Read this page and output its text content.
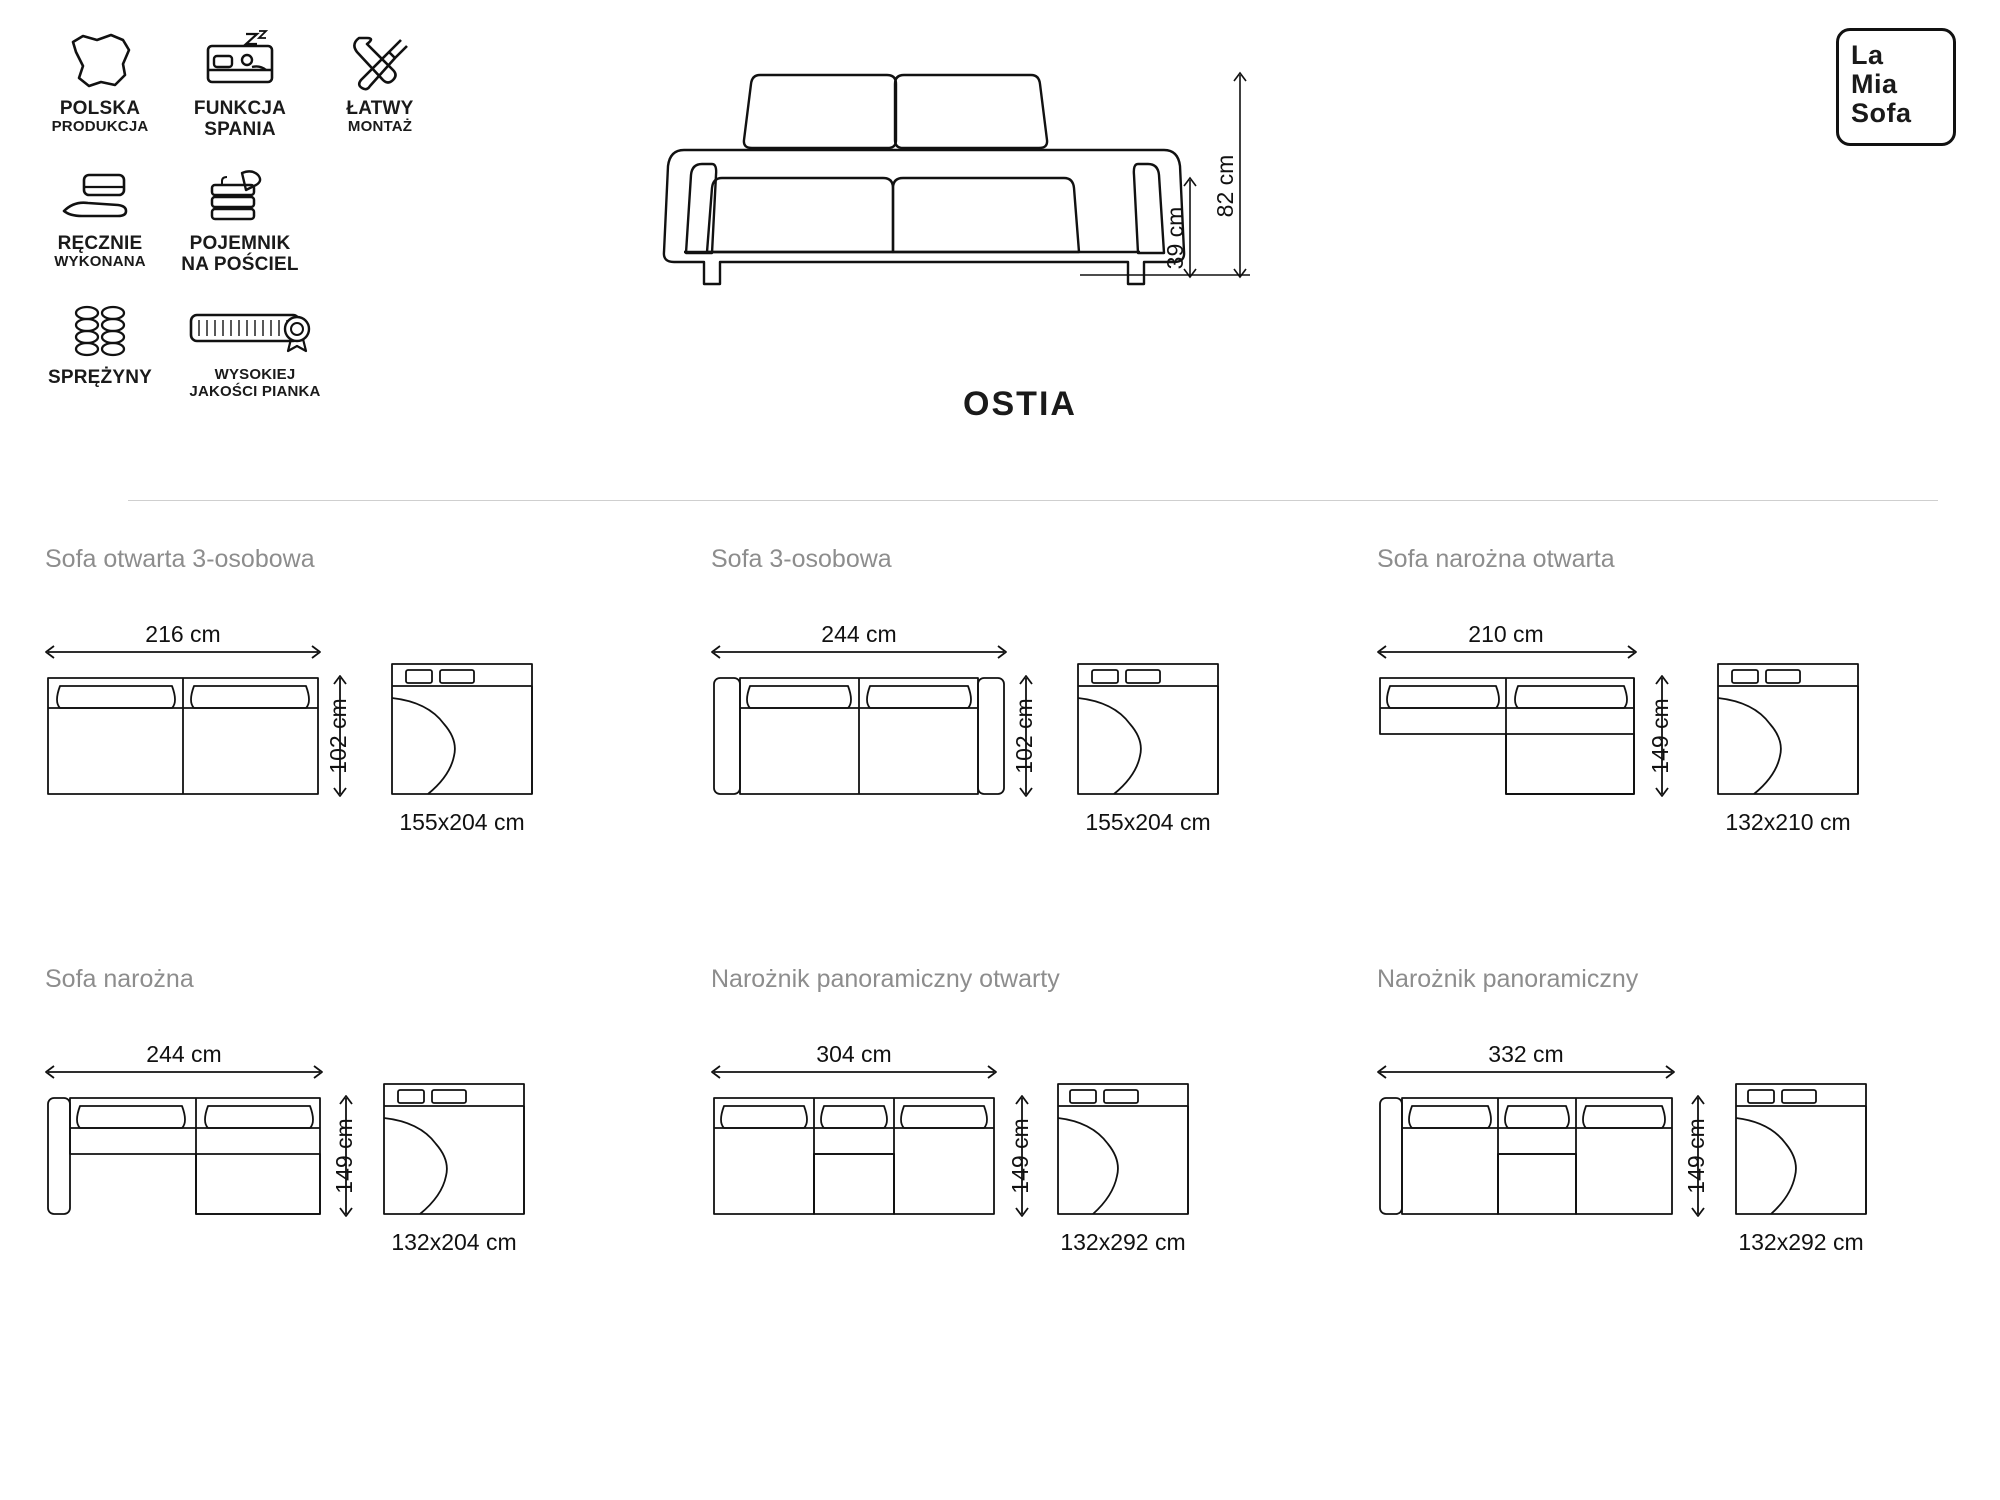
POLSKA
PRODUKCJA
FUNKCJA
SPANIA
ŁATWY
MONTAŻ
RĘCZNIE
WYKONANA
POJEMNIK
NA POŚCIEL
SPRĘŻYNY	WYSOKIEJ
JAKOŚCI PIANKA
82 cm
39 cm
OSTIA
La
Mia
Sofa
Sofa otwarta 3-osobowa
216 cm
102 cm
155x204 cm
Sofa 3-osobowa
244 cm
102 cm
155x204 cm
Sofa narożna otwarta
210 cm
149 cm
132x210 cm
Sofa narożna
244 cm
149 cm
132x204 cm
Narożnik panoramiczny otwarty
304 cm
149 cm
132x292 cm
Narożnik panoramiczny
332 cm
149 cm
132x292 cm
